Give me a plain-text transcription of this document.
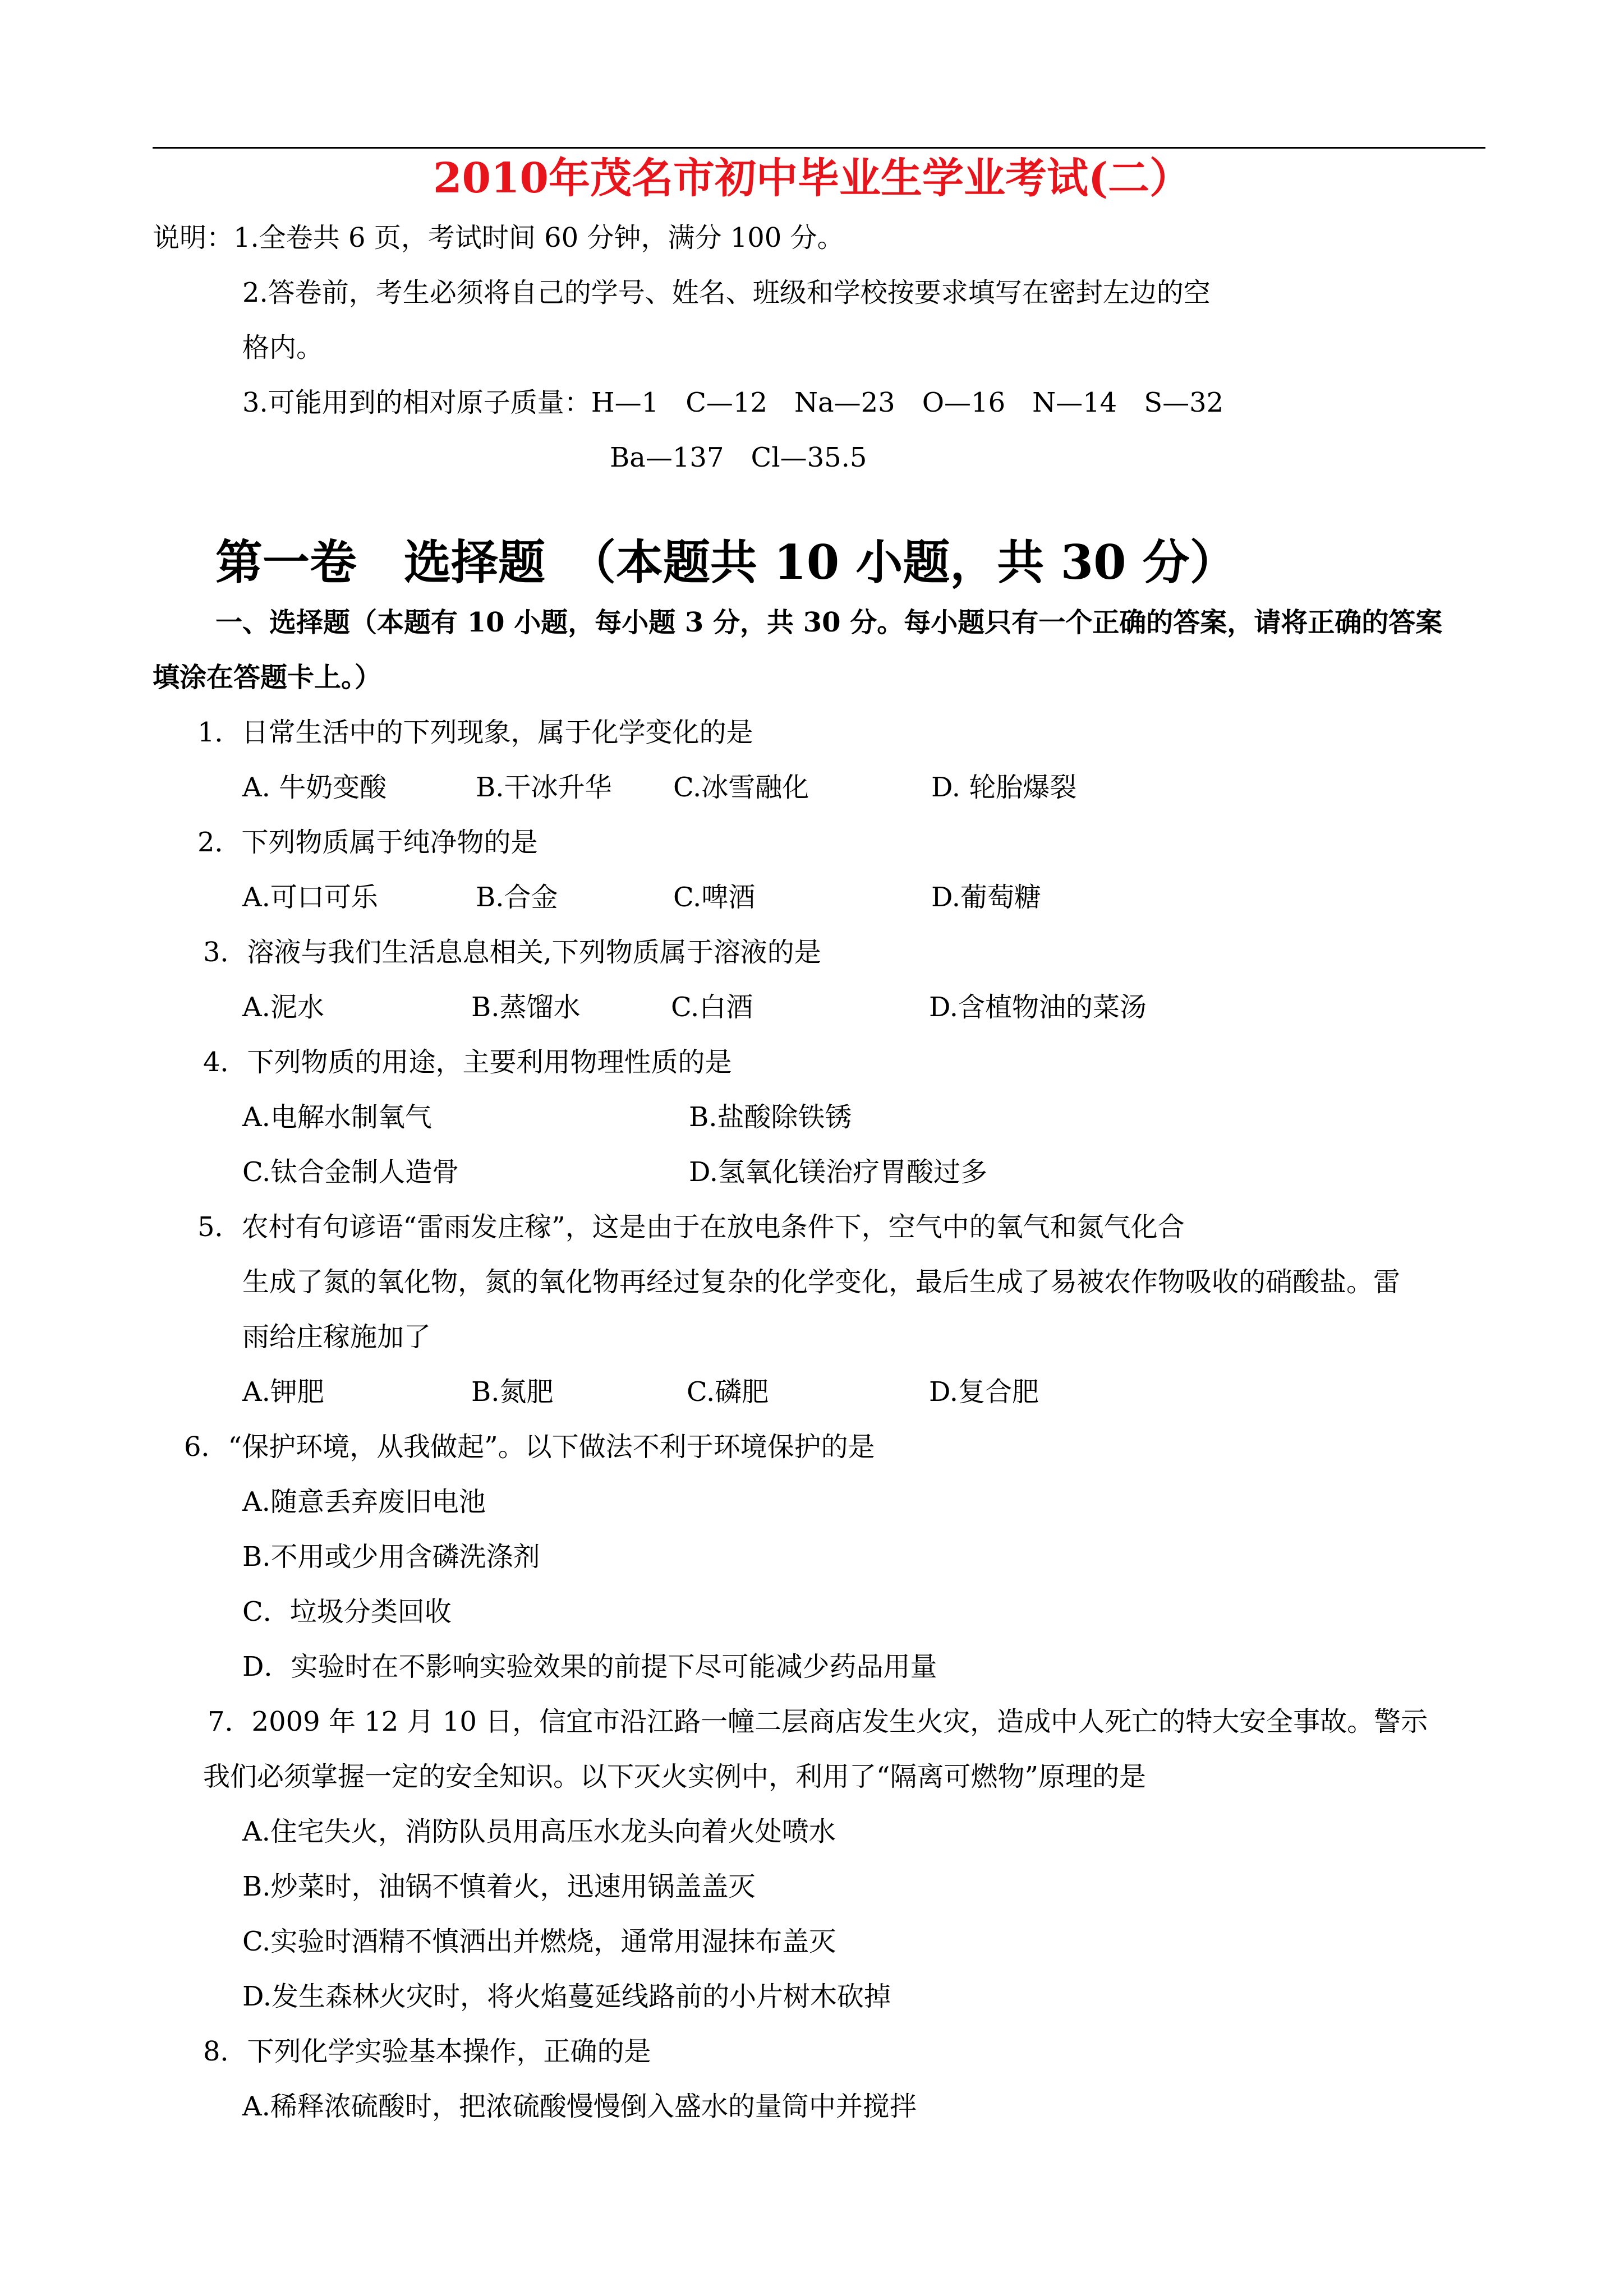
2010年茂名市初中毕业生学业考试(二）
说明：1.全卷共 6 页，考试时间 60 分钟，满分 100 分。
2.答卷前，考生必须将自己的学号、姓名、班级和学校按要求填写在密封左边的空
格内。
3.可能用到的相对原子质量：H—1　C—12　Na—23　O—16　N—14　S—32
Ba—137　Cl—35.5
第一卷　选择题　（本题共 10 小题，共 30 分）
一、选择题（本题有 10 小题，每小题 3 分，共 30 分。每小题只有一个正确的答案，请将正确的答案
填涂在答题卡上。）
1．日常生活中的下列现象，属于化学变化的是
A. 牛奶变酸	B.干冰升华 C.冰雪融化	D. 轮胎爆裂
2．下列物质属于纯净物的是
A.可口可乐	B.合金	C.啤酒	D.葡萄糖
3．溶液与我们生活息息相关,下列物质属于溶液的是
A.泥水	B.蒸馏水	C.白酒	D.含植物油的菜汤
4．下列物质的用途，主要利用物理性质的是
A.电解水制氧气	B.盐酸除铁锈
C.钛合金制人造骨	D.氢氧化镁治疗胃酸过多
5．农村有句谚语“雷雨发庄稼”，这是由于在放电条件下，空气中的氧气和氮气化合
生成了氮的氧化物，氮的氧化物再经过复杂的化学变化，最后生成了易被农作物吸收的硝酸盐。雷
雨给庄稼施加了
A.钾肥	B.氮肥	C.磷肥	D.复合肥
6．“保护环境，从我做起”。以下做法不利于环境保护的是
A.随意丢弃废旧电池
B.不用或少用含磷洗涤剂
C．垃圾分类回收
D．实验时在不影响实验效果的前提下尽可能减少药品用量
7．2009 年 12 月 10 日，信宜市沿江路一幢二层商店发生火灾，造成中人死亡的特大安全事故。警示
我们必须掌握一定的安全知识。以下灭火实例中，利用了“隔离可燃物”原理的是
A.住宅失火，消防队员用高压水龙头向着火处喷水
B.炒菜时，油锅不慎着火，迅速用锅盖盖灭
C.实验时酒精不慎洒出并燃烧，通常用湿抹布盖灭
D.发生森林火灾时，将火焰蔓延线路前的小片树木砍掉
8．下列化学实验基本操作，正确的是
A.稀释浓硫酸时，把浓硫酸慢慢倒入盛水的量筒中并搅拌
